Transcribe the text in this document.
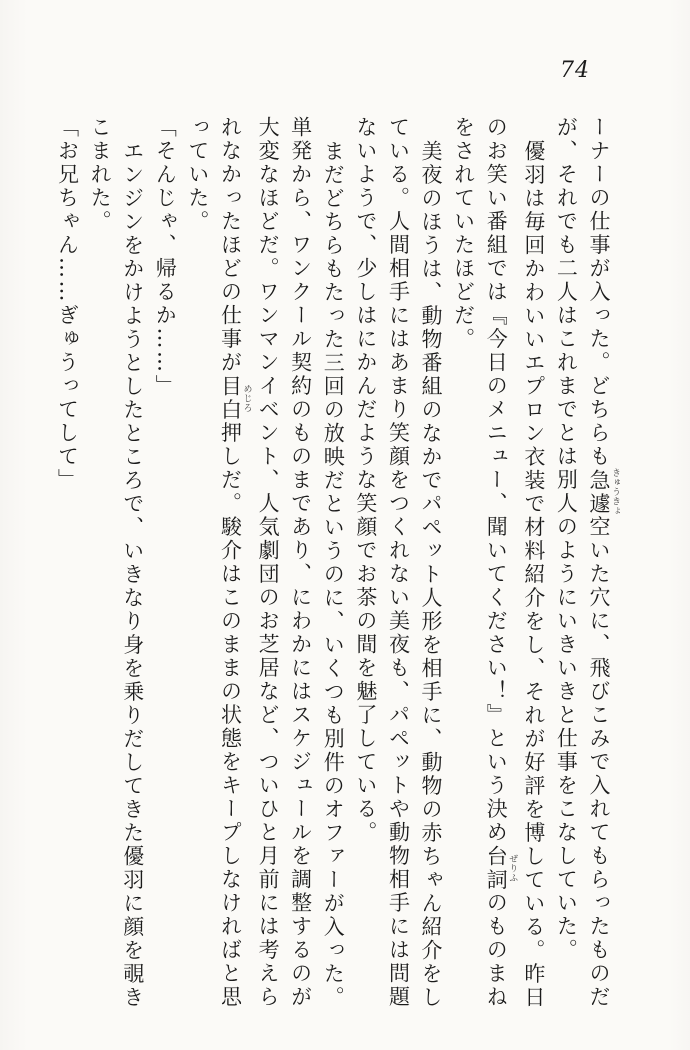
74

ーナーの仕事が入った。どちらも急遽 きゅうきょ空いた穴に、飛びこみで入れてもらったものだ

が、それでも二人はこれまでとは別人のようにいきいきと仕事をこなしていた。

優羽は毎回かわいいエプロン衣装で材料紹介をし、それが好評を博している。昨日

のお笑い番組では『今日のメニュー、聞いてください！』という決め台詞 ぜりふのものまね

をされていたほどだ。

美夜のほうは、動物番組のなかでパペット人形を相手に、動物の赤ちゃん紹介をし

ている。人間相手にはあまり笑顔をつくれない美夜も、パペットや動物相手には問題

ないようで、少しはにかんだような笑顔でお茶の間を魅了している。

まだどちらもたった三回の放映だというのに、いくつも別件のオファーが入った。

単発から、ワンクール契約のものまであり、にわかにはスケジュールを調整するのが

大変なほどだ。ワンマンイベント、人気劇団のお芝居など、ついひと月前には考えら

れなかったほどの仕事が目白 めじろ押しだ。駿介はこのままの状態をキープしなければと思

っていた。

「そんじゃ、帰るか……」

エンジンをかけようとしたところで、いきなり身を乗りだしてきた優羽に顔を覗き

こまれた。

「お兄ちゃん……ぎゅうってして」
